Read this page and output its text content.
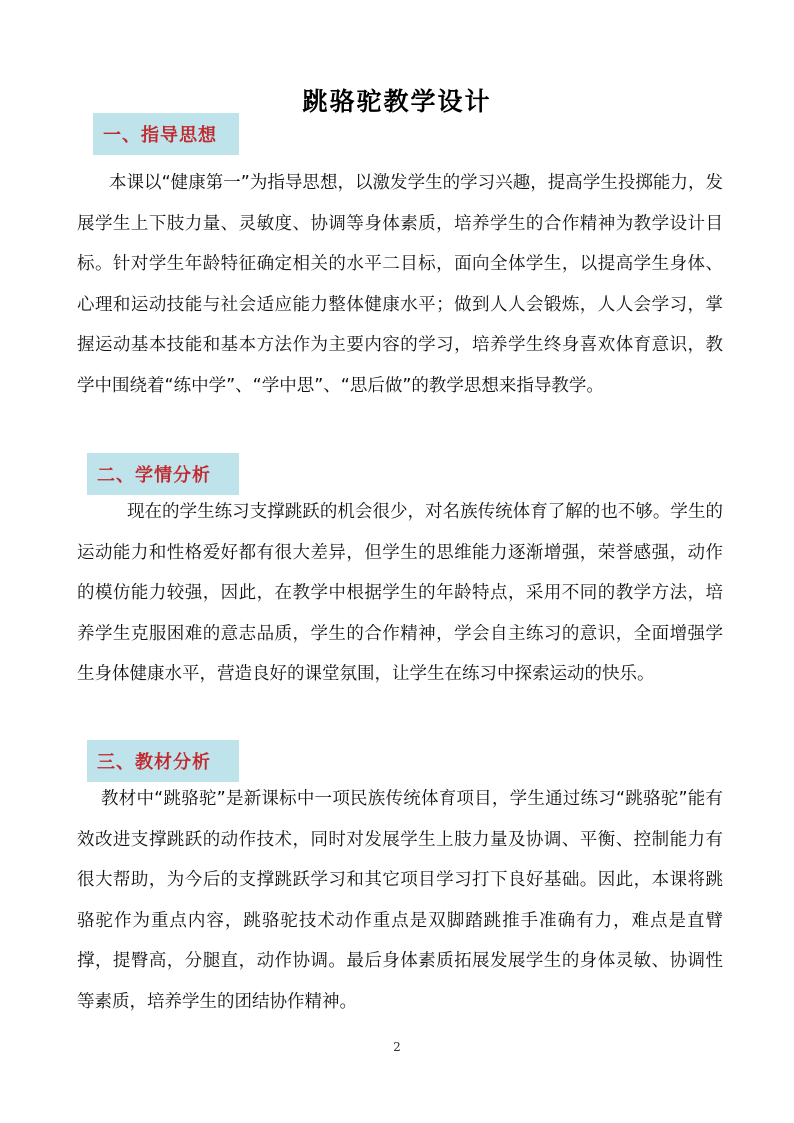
跳骆驼教学设计
一、指导思想

本课以“健康第一”为指导思想，以激发学生的学习兴趣，提高学生投掷能力，发展学生上下肢力量、灵敏度、协调等身体素质，培养学生的合作精神为教学设计目标。针对学生年龄特征确定相关的水平二目标，面向全体学生，以提高学生身体、心理和运动技能与社会适应能力整体健康水平；做到人人会锻炼，人人会学习，掌握运动基本技能和基本方法作为主要内容的学习，培养学生终身喜欢体育意识，教学中围绕着“练中学”、“学中思”、“思后做”的教学思想来指导教学。

二、学情分析

现在的学生练习支撑跳跃的机会很少，对名族传统体育了解的也不够。学生的运动能力和性格爱好都有很大差异，但学生的思维能力逐渐增强，荣誉感强，动作的模仿能力较强，因此，在教学中根据学生的年龄特点，采用不同的教学方法，培养学生克服困难的意志品质，学生的合作精神，学会自主练习的意识，全面增强学生身体健康水平，营造良好的课堂氛围，让学生在练习中探索运动的快乐。

三、教材分析

教材中“跳骆驼”是新课标中一项民族传统体育项目，学生通过练习“跳骆驼”能有效改进支撑跳跃的动作技术，同时对发展学生上肢力量及协调、平衡、控制能力有很大帮助，为今后的支撑跳跃学习和其它项目学习打下良好基础。因此，本课将跳骆驼作为重点内容，跳骆驼技术动作重点是双脚踏跳推手准确有力，难点是直臂撑，提臀高，分腿直，动作协调。最后身体素质拓展发展学生的身体灵敏、协调性等素质，培养学生的团结协作精神。

2
